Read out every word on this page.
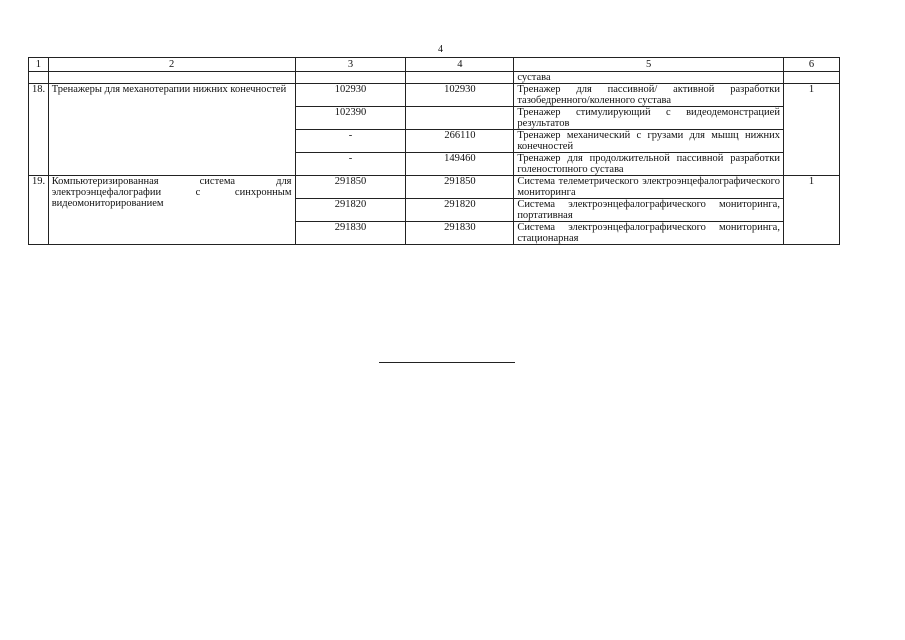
4
1	2	3	4	5	6
				сустава	
18.	Тренажеры для механотерапии нижних конечностей	102930	102930	Тренажер для пассивной/ активной разработки тазобедренного/коленного сустава	1
		102390		Тренажер стимулирующий с видеодемонстрацией результатов	
		-	266110	Тренажер механический с грузами для мышц нижних конечностей	
		-	149460	Тренажер для продолжительной пассивной разработки голеностопного сустава	
19.	Компьютеризированная система для электроэнцефалографии с синхронным видеомониторированием	291850	291850	Система телеметрического электроэнцефалографического мониторинга	1
		291820	291820	Система электроэнцефалографического мониторинга, портативная	
		291830	291830	Система электроэнцефалографического мониторинга, стационарная	
